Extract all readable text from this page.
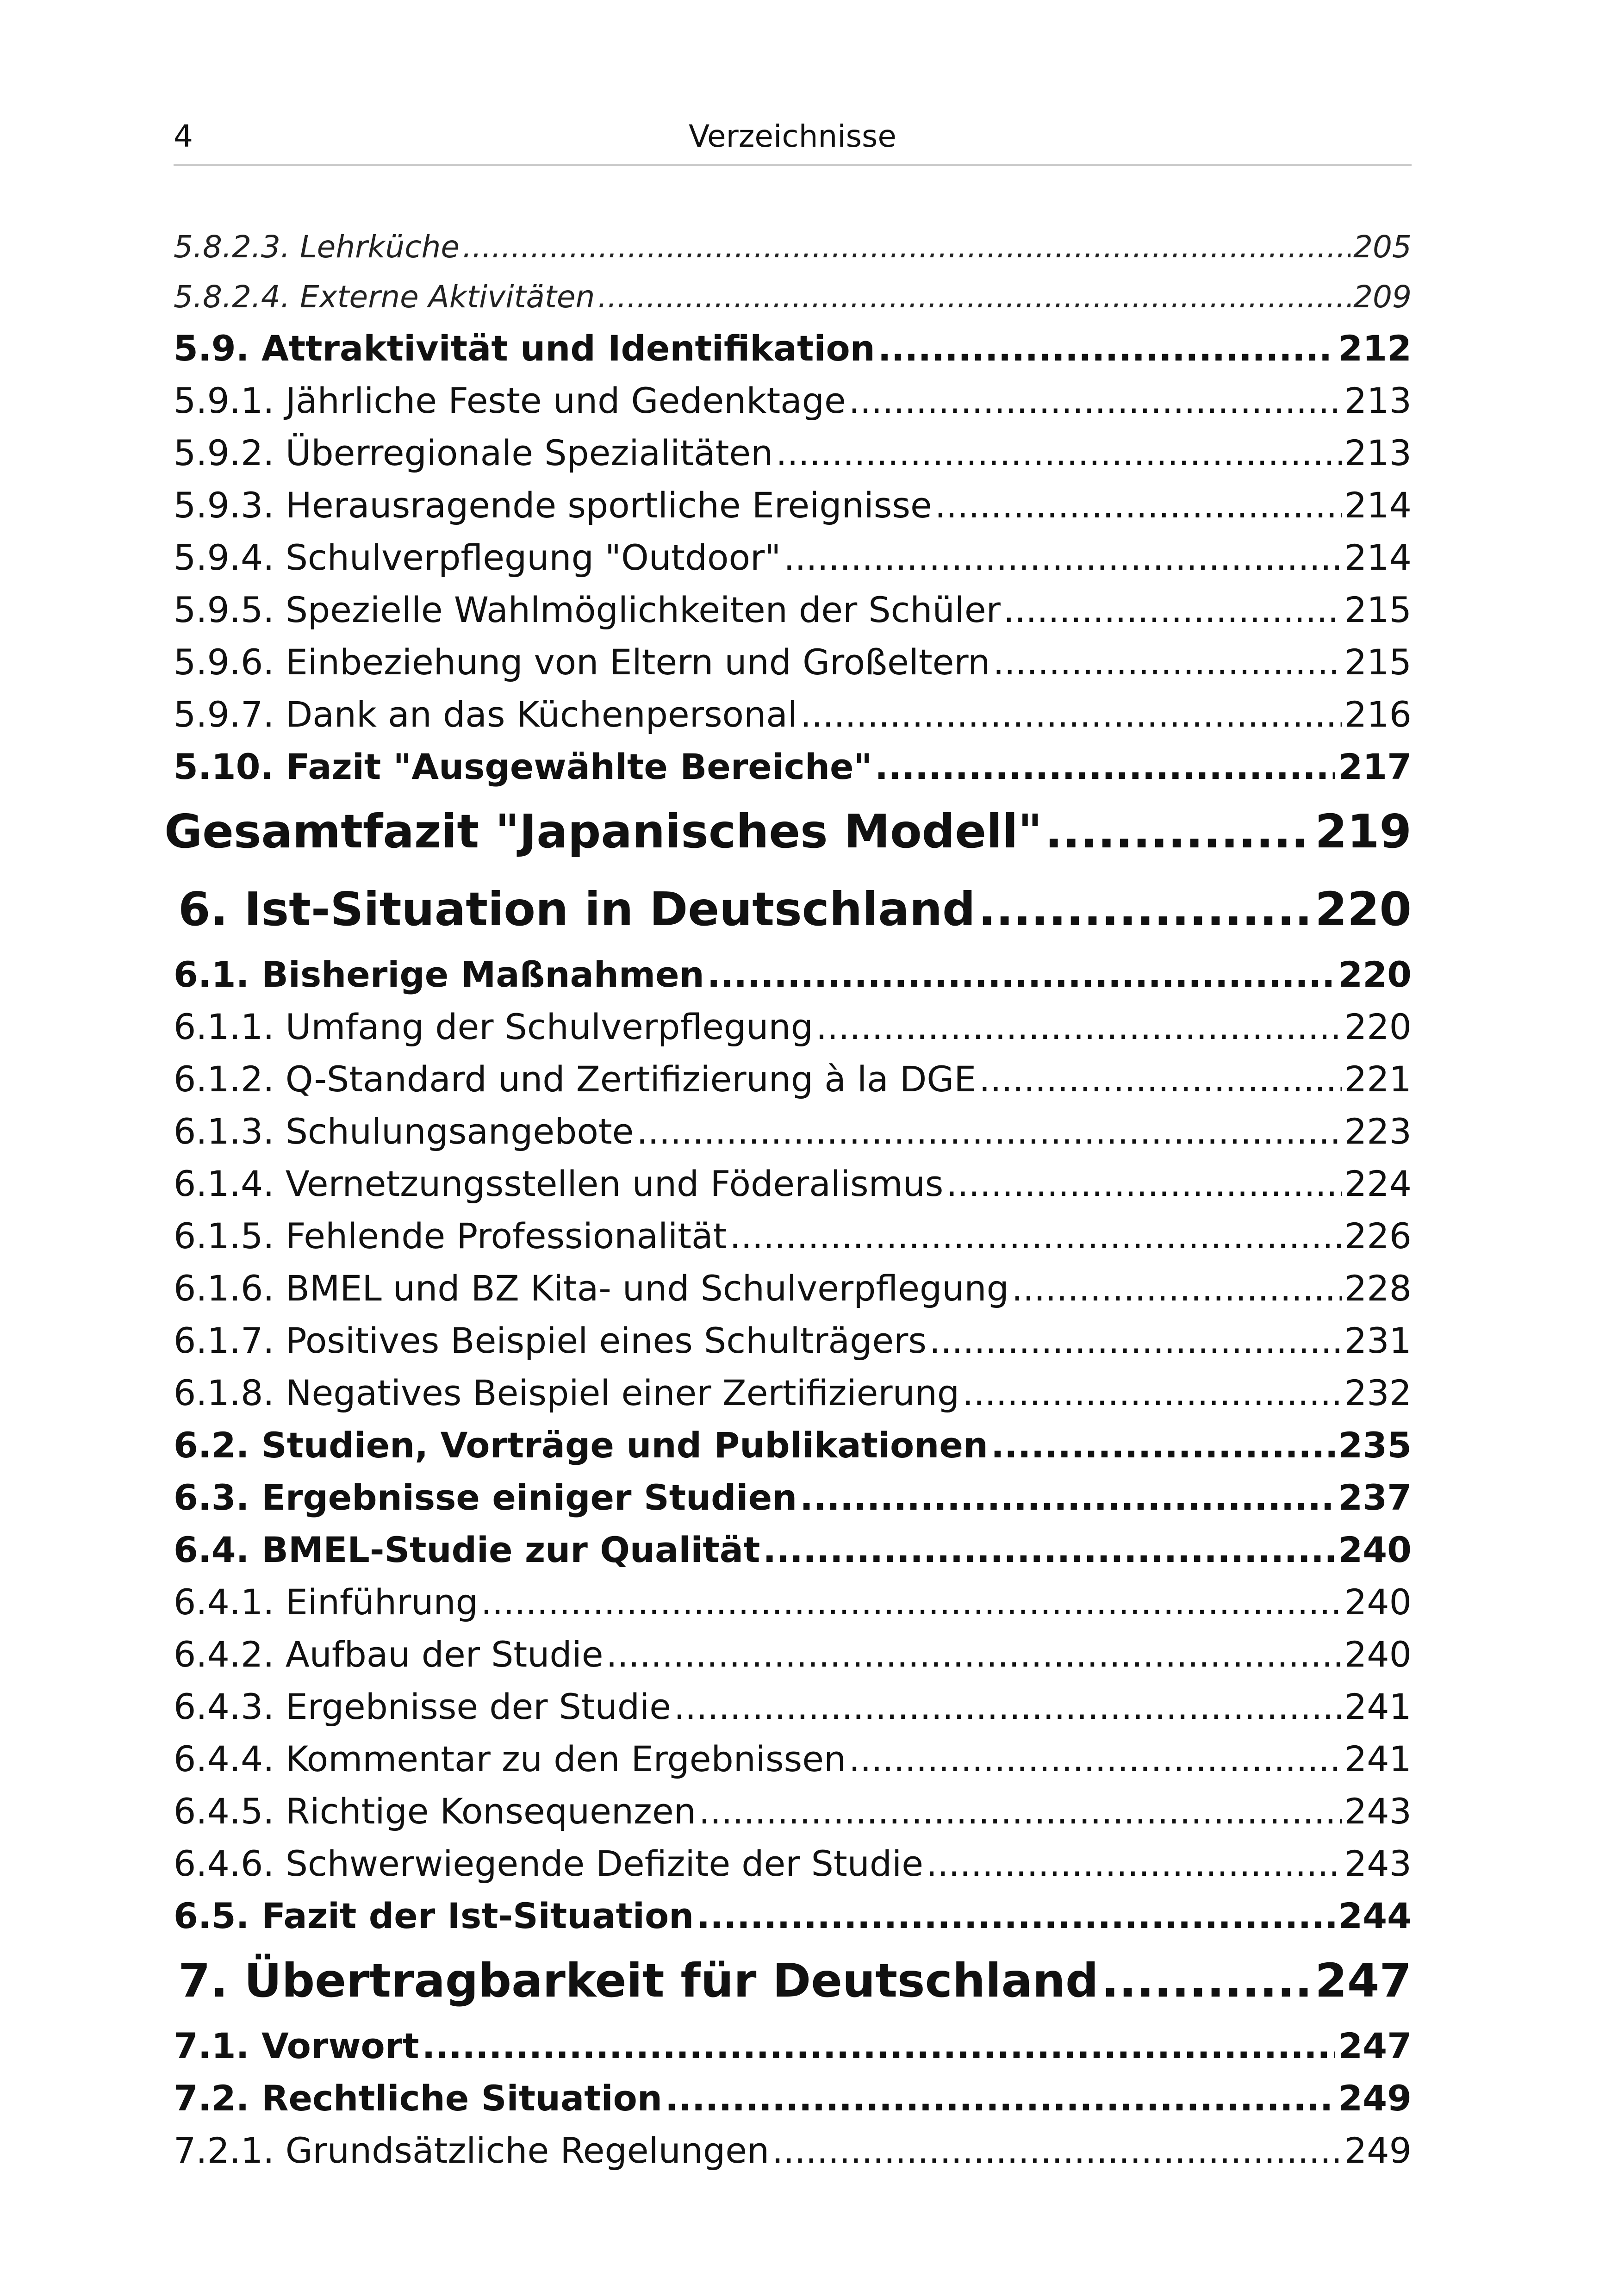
4	Verzeichnisse
5.8.2.3. Lehrküche .....	205
5.8.2.4. Externe Aktivitäten .....	209
5.9. Attraktivität und Identifikation .....	212
5.9.1. Jährliche Feste und Gedenktage .....	213
5.9.2. Überregionale Spezialitäten .....	213
5.9.3. Herausragende sportliche Ereignisse .....	214
5.9.4. Schulverpflegung "Outdoor" .....	214
5.9.5. Spezielle Wahlmöglichkeiten der Schüler .....	215
5.9.6. Einbeziehung von Eltern und Großeltern .....	215
5.9.7. Dank an das Küchenpersonal .....	216
5.10. Fazit "Ausgewählte Bereiche" .....	217
Gesamtfazit "Japanisches Modell" .....	219
6. Ist-Situation in Deutschland .....	220
6.1. Bisherige Maßnahmen .....	220
6.1.1. Umfang der Schulverpflegung .....	220
6.1.2. Q-Standard und Zertifizierung à la DGE .....	221
6.1.3. Schulungsangebote .....	223
6.1.4. Vernetzungsstellen und Föderalismus .....	224
6.1.5. Fehlende Professionalität .....	226
6.1.6. BMEL und BZ Kita- und Schulverpflegung .....	228
6.1.7. Positives Beispiel eines Schulträgers .....	231
6.1.8. Negatives Beispiel einer Zertifizierung .....	232
6.2. Studien, Vorträge und Publikationen .....	235
6.3. Ergebnisse einiger Studien .....	237
6.4. BMEL-Studie zur Qualität .....	240
6.4.1. Einführung .....	240
6.4.2. Aufbau der Studie .....	240
6.4.3. Ergebnisse der Studie .....	241
6.4.4. Kommentar zu den Ergebnissen .....	241
6.4.5. Richtige Konsequenzen .....	243
6.4.6. Schwerwiegende Defizite der Studie .....	243
6.5. Fazit der Ist-Situation .....	244
7. Übertragbarkeit für Deutschland .....	247
7.1. Vorwort .....	247
7.2. Rechtliche Situation .....	249
7.2.1. Grundsätzliche Regelungen .....	249
